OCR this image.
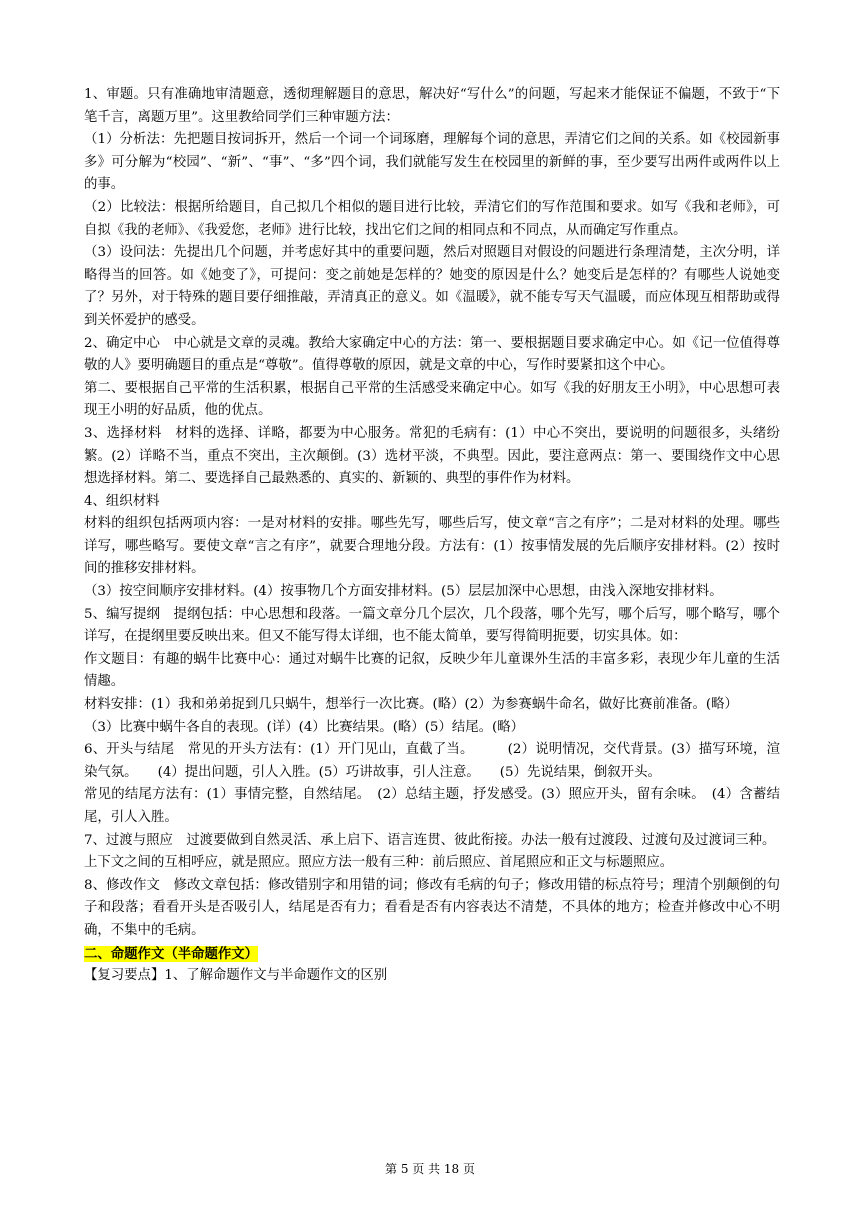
1、审题。只有准确地审清题意，透彻理解题目的意思，解决好“写什么”的问题，写起来才能保证不偏题，不致于“下笔千言，离题万里”。这里教给同学们三种审题方法：

（1）分析法：先把题目按词拆开，然后一个词一个词琢磨，理解每个词的意思，弄清它们之间的关系。如《校园新事多》可分解为“校园”、“新”、“事”、“多”四个词，我们就能写发生在校园里的新鲜的事，至少要写出两件或两件以上的事。

（2）比较法：根据所给题目，自己拟几个相似的题目进行比较，弄清它们的写作范围和要求。如写《我和老师》，可自拟《我的老师》、《我爱您，老师》进行比较，找出它们之间的相同点和不同点，从而确定写作重点。

（3）设问法：先提出几个问题，并考虑好其中的重要问题，然后对照题目对假设的问题进行条理清楚，主次分明，详略得当的回答。如《她变了》，可提问：变之前她是怎样的？她变的原因是什么？她变后是怎样的？有哪些人说她变了？另外，对于特殊的题目要仔细推敲，弄清真正的意义。如《温暖》，就不能专写天气温暖，而应体现互相帮助或得到关怀爱护的感受。

2、确定中心　中心就是文章的灵魂。教给大家确定中心的方法：第一、要根据题目要求确定中心。如《记一位值得尊敬的人》要明确题目的重点是“尊敬”。值得尊敬的原因，就是文章的中心，写作时要紧扣这个中心。

第二、要根据自己平常的生活积累，根据自己平常的生活感受来确定中心。如写《我的好朋友王小明》，中心思想可表现王小明的好品质，他的优点。

3、选择材料　材料的选择、详略，都要为中心服务。常犯的毛病有：(1）中心不突出，要说明的问题很多，头绪纷繁。(2）详略不当，重点不突出，主次颠倒。(3）选材平淡，不典型。因此，要注意两点：第一、要围绕作文中心思想选择材料。第二、要选择自己最熟悉的、真实的、新颖的、典型的事件作为材料。

4、组织材料

材料的组织包括两项内容：一是对材料的安排。哪些先写，哪些后写，使文章“言之有序”；二是对材料的处理。哪些详写，哪些略写。要使文章“言之有序”，就要合理地分段。方法有：(1）按事情发展的先后顺序安排材料。(2）按时间的推移安排材料。

（3）按空间顺序安排材料。(4）按事物几个方面安排材料。(5）层层加深中心思想，由浅入深地安排材料。

5、编写提纲　提纲包括：中心思想和段落。一篇文章分几个层次，几个段落，哪个先写，哪个后写，哪个略写，哪个详写，在提纲里要反映出来。但又不能写得太详细，也不能太简单，要写得简明扼要，切实具体。如：

作文题目：有趣的蜗牛比赛中心：通过对蜗牛比赛的记叙，反映少年儿童课外生活的丰富多彩，表现少年儿童的生活情趣。

材料安排：(1）我和弟弟捉到几只蜗牛，想举行一次比赛。(略）(2）为参赛蜗牛命名，做好比赛前准备。(略）

（3）比赛中蜗牛各自的表现。(详）(4）比赛结果。(略）(5）结尾。(略）

6、开头与结尾　常见的开头方法有：(1）开门见山，直截了当。　　　(2）说明情况，交代背景。(3）描写环境，渲染气氛。　　(4）提出问题，引人入胜。(5）巧讲故事，引人注意。　　(5）先说结果，倒叙开头。

常见的结尾方法有：(1）事情完整，自然结尾。　(2）总结主题，抒发感受。(3）照应开头，留有余味。　(4）含蓄结尾，引人入胜。

7、过渡与照应　过渡要做到自然灵活、承上启下、语言连贯、彼此衔接。办法一般有过渡段、过渡句及过渡词三种。

上下文之间的互相呼应，就是照应。照应方法一般有三种：前后照应、首尾照应和正文与标题照应。

8、修改作文　修改文章包括：修改错别字和用错的词；修改有毛病的句子；修改用错的标点符号；理清个别颠倒的句子和段落；看看开头是否吸引人，结尾是否有力；看看是否有内容表达不清楚，不具体的地方；检查并修改中心不明确，不集中的毛病。

二、命题作文（半命题作文）

【复习要点】1、了解命题作文与半命题作文的区别

第 5 页 共 18 页
